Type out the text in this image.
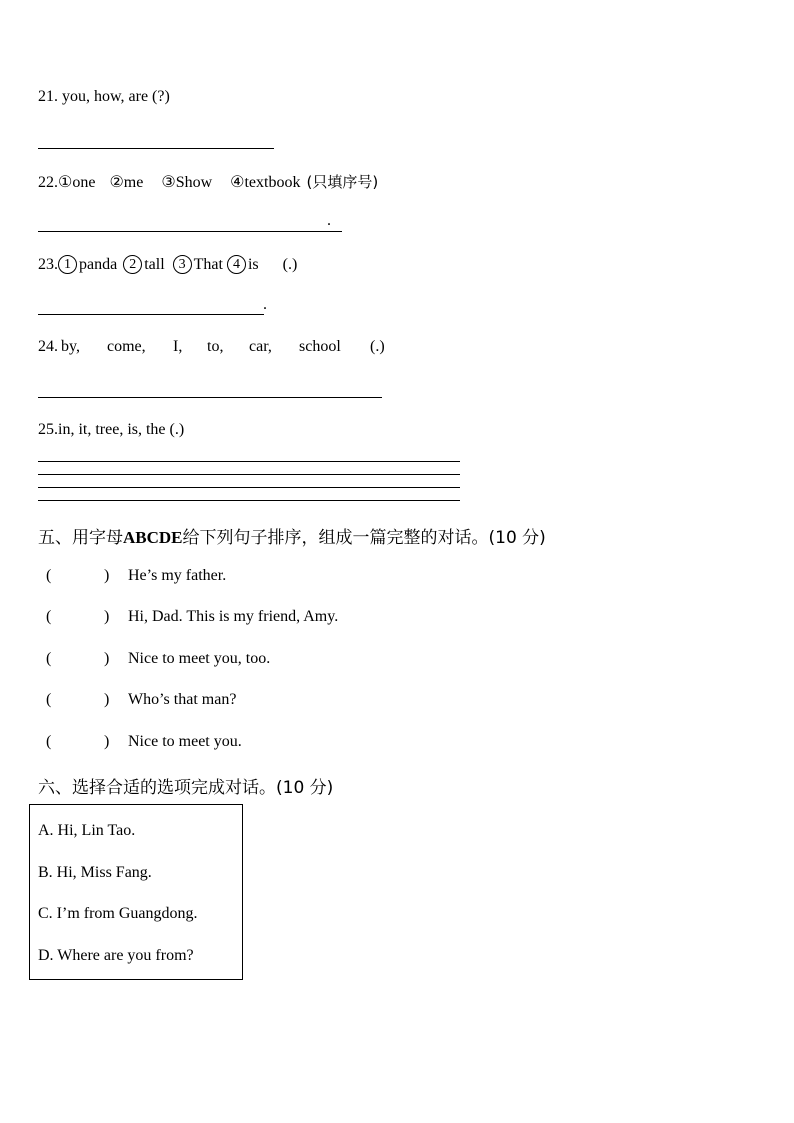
21. you, how, are (?)
22.①one ②me ③Show ④textbook (只填序号)
.
23. 1 panda 2 tall 3 That 4 is (.)
.
24. by, come, I, to, car, school (.)
25.in, it, tree, is, the (.)
五、用字母ABCDE给下列句子排序，组成一篇完整的对话。(10 分)
(	) He’s my father.
(	) Hi, Dad. This is my friend, Amy.
(	) Nice to meet you, too.
(	) Who’s that man?
(	) Nice to meet you.
六、选择合适的选项完成对话。(10 分)
A. Hi, Lin Tao.
B. Hi, Miss Fang.
C. I’m from Guangdong.
D. Where are you from?
